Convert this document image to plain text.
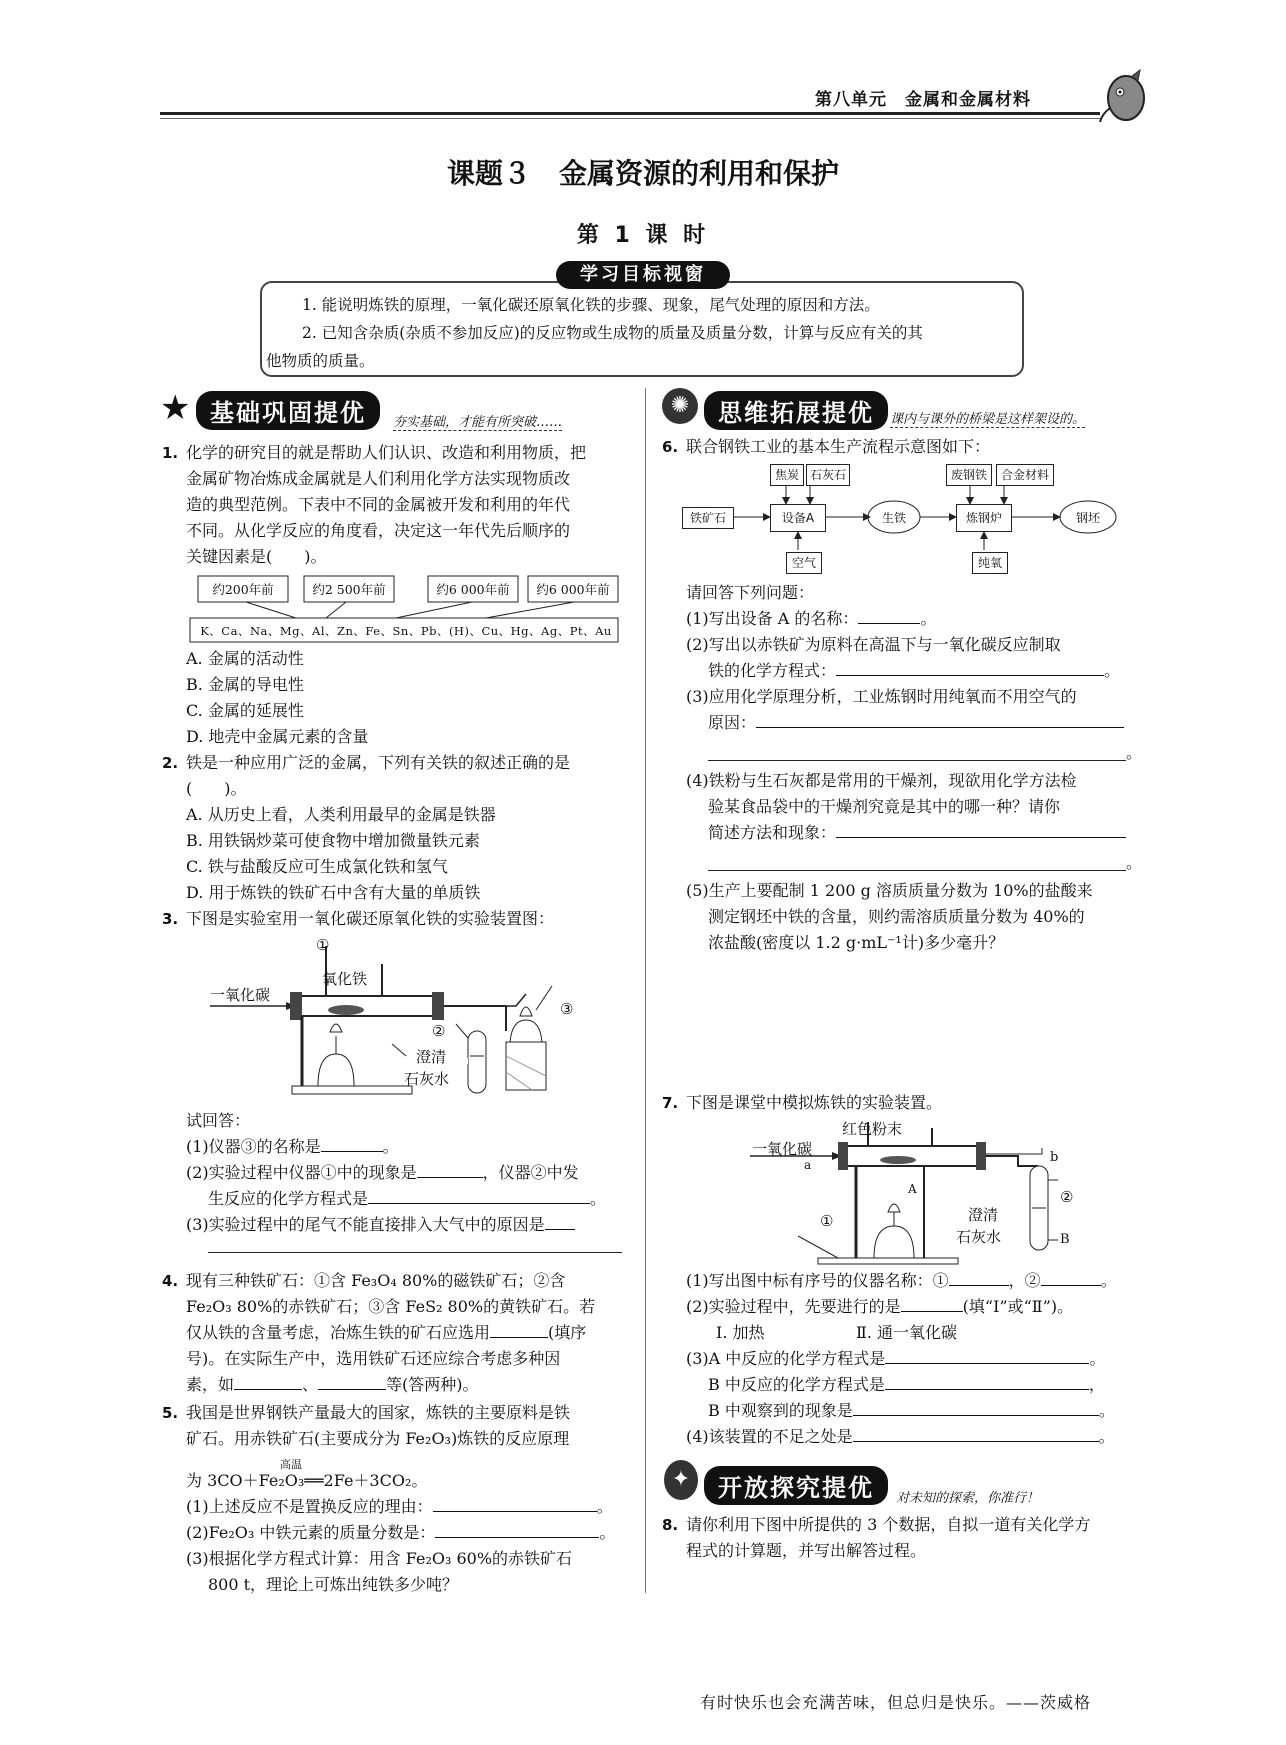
第八单元　金属和金属材料
课题３　金属资源的利用和保护
第 1 课 时
1. 能说明炼铁的原理，一氧化碳还原氧化铁的步骤、现象，尾气处理的原因和方法。
2. 已知含杂质(杂质不参加反应)的反应物或生成物的质量及质量分数，计算与反应有关的其
他物质的质量。
学习目标视窗
★ 基础巩固提优	夯实基础，才能有所突破……
1. 化学的研究目的就是帮助人们认识、改造和利用物质，把
金属矿物冶炼成金属就是人们利用化学方法实现物质改
造的典型范例。下表中不同的金属被开发和利用的年代
不同。从化学反应的角度看，决定这一年代先后顺序的
关键因素是(　　)。
约200年前	约2 500年前	约6 000年前	约6 000年前
K、Ca、Na、Mg、Al、Zn、Fe、Sn、Pb、(H)、Cu、Hg、Ag、Pt、Au
A. 金属的活动性
B. 金属的导电性
C. 金属的延展性
D. 地壳中金属元素的含量
2. 铁是一种应用广泛的金属，下列有关铁的叙述正确的是
(　　)。
A. 从历史上看，人类利用最早的金属是铁器
B. 用铁锅炒菜可使食物中增加微量铁元素
C. 铁与盐酸反应可生成氯化铁和氢气
D. 用于炼铁的铁矿石中含有大量的单质铁
3. 下图是实验室用一氧化碳还原氧化铁的实验装置图：
一氧化碳
氧化铁
①
②
③
澄清
石灰水
试回答：
(1)仪器③的名称是	。
(2)实验过程中仪器①中的现象是	，仪器②中发
生反应的化学方程式是	。
(3)实验过程中的尾气不能直接排入大气中的原因是
4. 现有三种铁矿石：①含 Fe₃O₄ 80%的磁铁矿石；②含
Fe₂O₃ 80%的赤铁矿石；③含 FeS₂ 80%的黄铁矿石。若
仅从铁的含量考虑，冶炼生铁的矿石应选用	(填序
号)。在实际生产中，选用铁矿石还应综合考虑多种因
素，如	、	等(答两种)。
5. 我国是世界钢铁产量最大的国家，炼铁的主要原料是铁
矿石。用赤铁矿石(主要成分为 Fe₂O₃)炼铁的反应原理
高温
为 3CO＋Fe₂O₃══2Fe＋3CO₂。
(1)上述反应不是置换反应的理由：	。
(2)Fe₂O₃ 中铁元素的质量分数是：	。
(3)根据化学方程式计算：用含 Fe₂O₃ 60%的赤铁矿石
800 t，理论上可炼出纯铁多少吨？
✺	思维拓展提优	课内与课外的桥梁是这样架设的。
6. 联合钢铁工业的基本生产流程示意图如下：
铁矿石	设备A	生铁	炼钢炉	钢坯
焦炭 石灰石	废钢铁	合金材料
空气	纯氧
请回答下列问题：
(1)写出设备 A 的名称：	。
(2)写出以赤铁矿为原料在高温下与一氧化碳反应制取
铁的化学方程式：	。
(3)应用化学原理分析，工业炼钢时用纯氧而不用空气的
原因：
。
(4)铁粉与生石灰都是常用的干燥剂，现欲用化学方法检
验某食品袋中的干燥剂究竟是其中的哪一种？请你
简述方法和现象：
。
(5)生产上要配制 1 200 g 溶质质量分数为 10%的盐酸来
测定钢坯中铁的含量，则约需溶质质量分数为 40%的
浓盐酸(密度以 1.2 g·mL⁻¹计)多少毫升？
7. 下图是课堂中模拟炼铁的实验装置。
一氧化碳
红色粉末
a	b
A
B
①
②
澄清
石灰水
(1)写出图中标有序号的仪器名称：①	，②	。
(2)实验过程中，先要进行的是	(填“Ⅰ”或“Ⅱ”)。
Ⅰ. 加热	Ⅱ. 通一氧化碳
(3)A 中反应的化学方程式是	。
B 中反应的化学方程式是	，
B 中观察到的现象是	。
(4)该装置的不足之处是	。
✦	开放探究提优	对未知的探索，你准行！
8. 请你利用下图中所提供的 3 个数据，自拟一道有关化学方
程式的计算题，并写出解答过程。
有时快乐也会充满苦味，但总归是快乐。——茨威格
